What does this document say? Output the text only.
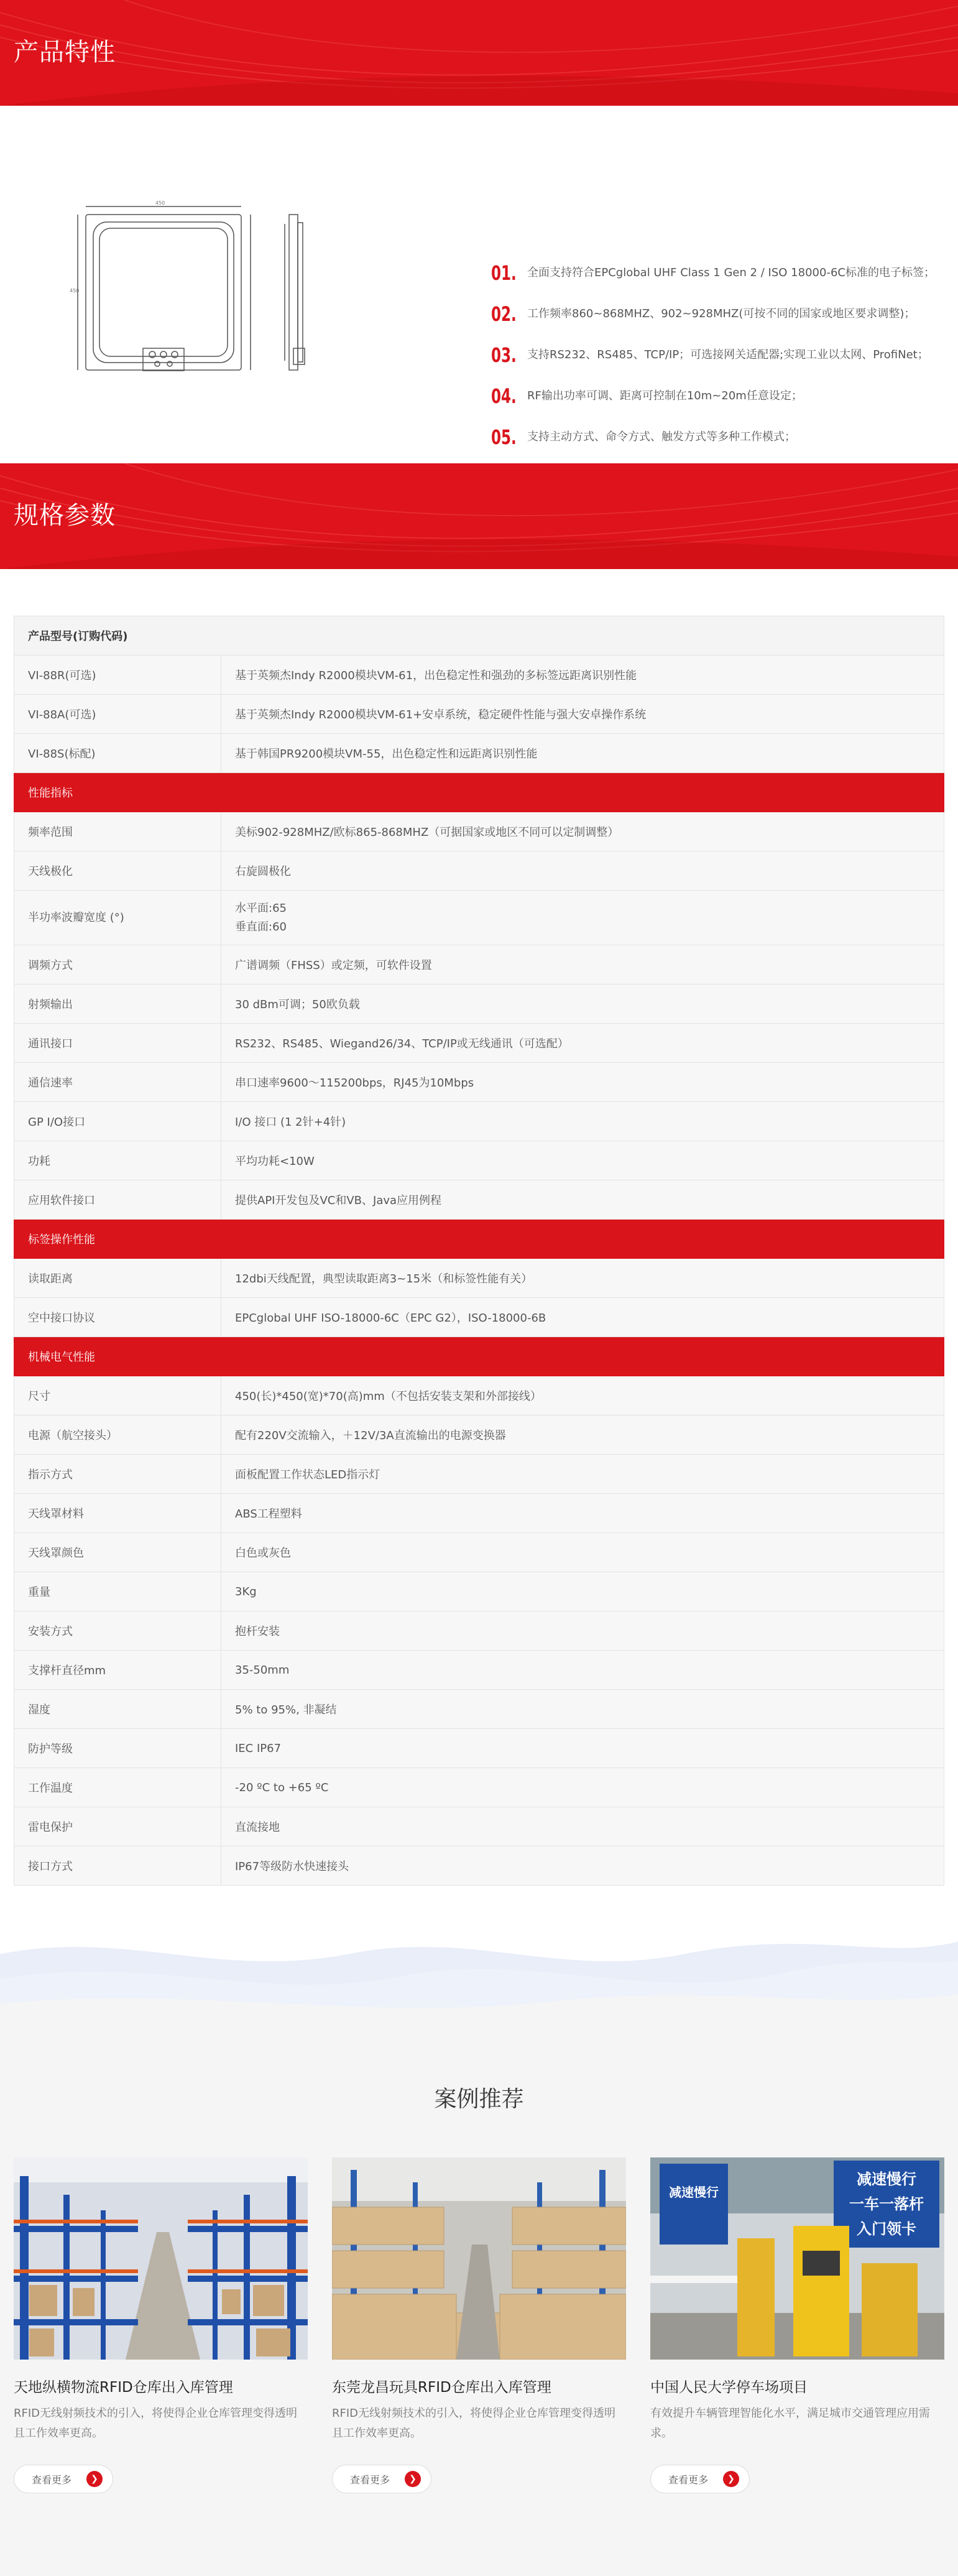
产品特性
450
450
01. 全面支持符合EPCglobal UHF Class 1 Gen 2 / ISO 18000-6C标准的电子标签；
02. 工作频率860~868MHZ、902~928MHZ(可按不同的国家或地区要求调整)；
03. 支持RS232、RS485、TCP/IP；可选接网关适配器;实现工业以太网、ProfiNet；
04. RF输出功率可调、距离可控制在10m~20m任意设定；
05. 支持主动方式、命令方式、触发方式等多种工作模式；
规格参数
产品型号(订购代码)	
VI-88R(可选)	基于英频杰Indy R2000模块VM-61，出色稳定性和强劲的多标签远距离识别性能
VI-88A(可选)	基于英频杰Indy R2000模块VM-61+安卓系统，稳定硬件性能与强大安卓操作系统
VI-88S(标配)	基于韩国PR9200模块VM-55，出色稳定性和远距离识别性能
性能指标	
频率范围	美标902-928MHZ/欧标865-868MHZ（可据国家或地区不同可以定制调整）
天线极化	右旋圆极化
半功率波瓣宽度 (°)	水平面:65
垂直面:60

调频方式	广谱调频（FHSS）或定频，可软件设置
射频输出	30 dBm可调；50欧负载
通讯接口	RS232、RS485、Wiegand26/34、TCP/IP或无线通讯（可选配）
通信速率	串口速率9600～115200bps，RJ45为10Mbps
GP I/O接口	I/O 接口 (1 2针+4针)
功耗	平均功耗<10W
应用软件接口	提供API开发包及VC和VB、Java应用例程
标签操作性能	
读取距离	12dbi天线配置，典型读取距离3~15米（和标签性能有关）
空中接口协议	EPCglobal UHF ISO-18000-6C（EPC G2），ISO-18000-6B
机械电气性能	
尺寸	450(长)*450(宽)*70(高)mm（不包括安装支架和外部接线）
电源（航空接头）	配有220V交流输入，＋12V/3A直流输出的电源变换器
指示方式	面板配置工作状态LED指示灯
天线罩材料	ABS工程塑料
天线罩颜色	白色或灰色
重量	3Kg
安装方式	抱杆安装
支撑杆直径mm	35-50mm
湿度	5% to 95%, 非凝结
防护等级	IEC IP67
工作温度	-20 ºC to +65 ºC
雷电保护	直流接地
接口方式	IP67等级防水快速接头
案例推荐
天地纵横物流RFID仓库出入库管理
RFID无线射频技术的引入，将使得企业仓库管理变得透明且工作效率更高。
查看更多	❯
东莞龙昌玩具RFID仓库出入库管理
RFID无线射频技术的引入，将使得企业仓库管理变得透明且工作效率更高。
查看更多	❯
减速慢行
减速慢行
一车一落杆
入门领卡
中国人民大学停车场项目
有效提升车辆管理智能化水平，满足城市交通管理应用需求。
查看更多	❯
